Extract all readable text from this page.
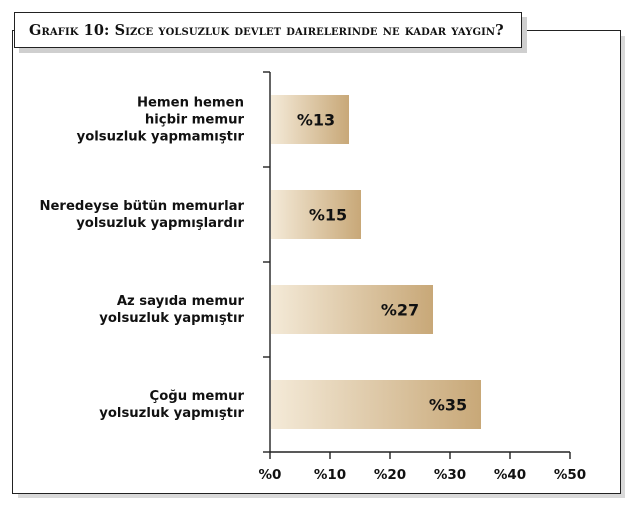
Grafik 10: Sizce yolsuzluk devlet dairelerinde ne kadar yaygın?
%13
%15
%27
%35
Hemen hemen hiçbir memur yolsuzluk yapmamıştır
Neredeyse bütün memurlar yolsuzluk yapmışlardır
Az sayıda memur yolsuzluk yapmıştır
Çoğu memur yolsuzluk yapmıştır
%0 %10 %20 %30 %40 %50
